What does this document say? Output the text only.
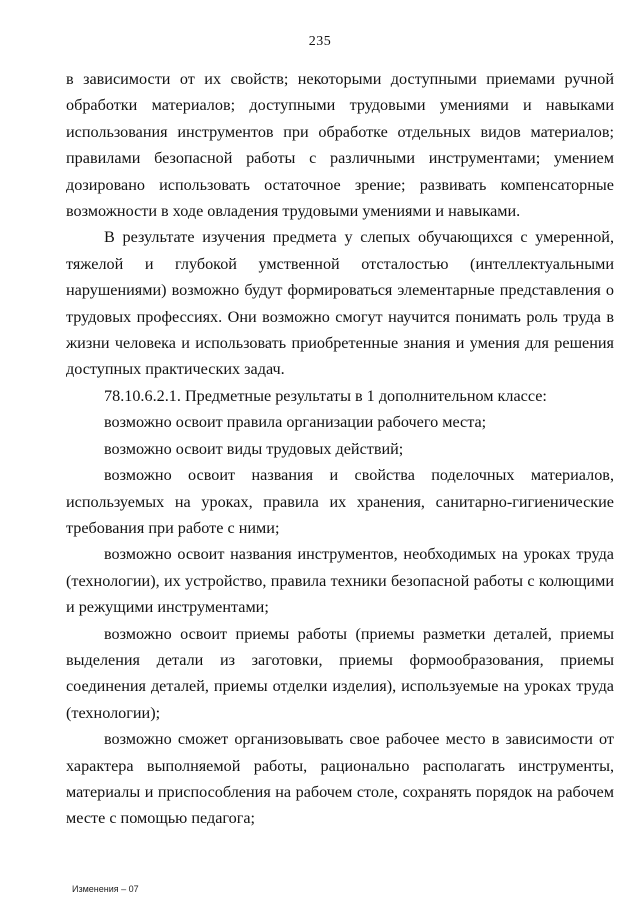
235

в зависимости от их свойств; некоторыми доступными приемами ручной обработки материалов; доступными трудовыми умениями и навыками использования инструментов при обработке отдельных видов материалов; правилами безопасной работы с различными инструментами; умением дозировано использовать остаточное зрение; развивать компенсаторные возможности в ходе овладения трудовыми умениями и навыками.

В результате изучения предмета у слепых обучающихся с умеренной, тяжелой и глубокой умственной отсталостью (интеллектуальными нарушениями) возможно будут формироваться элементарные представления о трудовых профессиях. Они возможно смогут научится понимать роль труда в жизни человека и использовать приобретенные знания и умения для решения доступных практических задач.

78.10.6.2.1. Предметные результаты в 1 дополнительном классе:

возможно освоит правила организации рабочего места;

возможно освоит виды трудовых действий;

возможно освоит названия и свойства поделочных материалов, используемых на уроках, правила их хранения, санитарно-гигиенические требования при работе с ними;

возможно освоит названия инструментов, необходимых на уроках труда (технологии), их устройство, правила техники безопасной работы с колющими и режущими инструментами;

возможно освоит приемы работы (приемы разметки деталей, приемы выделения детали из заготовки, приемы формообразования, приемы соединения деталей, приемы отделки изделия), используемые на уроках труда (технологии);

возможно сможет организовывать свое рабочее место в зависимости от характера выполняемой работы, рационально располагать инструменты, материалы и приспособления на рабочем столе, сохранять порядок на рабочем месте с помощью педагога;

Изменения – 07
